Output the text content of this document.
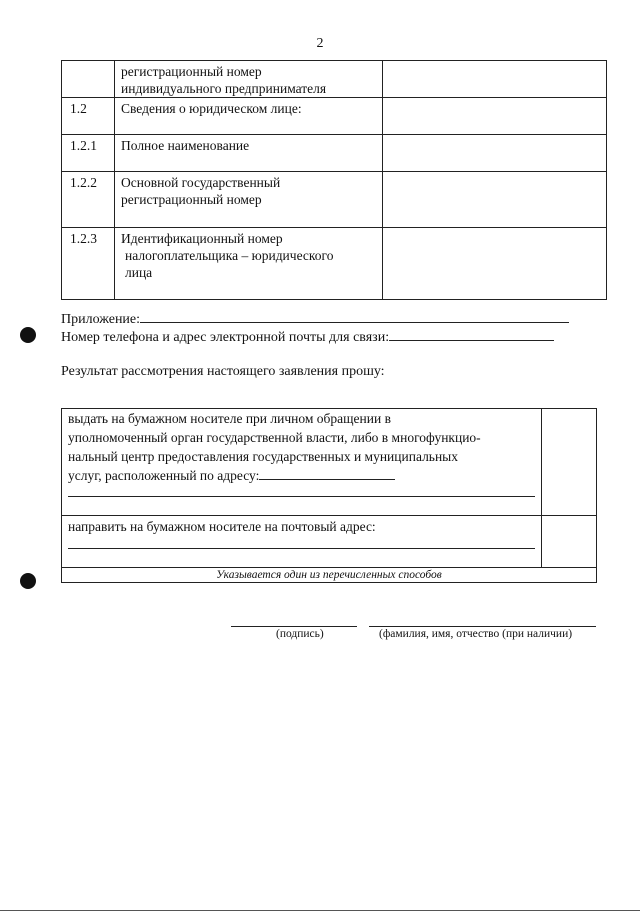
2

	регистрационный номер
индивидуального предпринимателя	

1.2	Сведения о юридическом лице:	

1.2.1	Полное наименование	

1.2.2	Основной государственный
регистрационный номер	

1.2.3	Идентификационный номер
налогоплательщика – юридического
лица	

Приложение:
Номер телефона и адрес электронной почты для связи:
Результат рассмотрения настоящего заявления прошу:
выдать на бумажном носителе при личном обращении в
уполномоченный орган государственной власти, либо в многофункцио-
нальный центр предоставления государственных и муниципальных
услуг, расположенный по адресу:
направить на бумажном носителе на почтовый адрес:
Указывается один из перечисленных способов
(подпись)	(фамилия, имя, отчество (при наличии)
